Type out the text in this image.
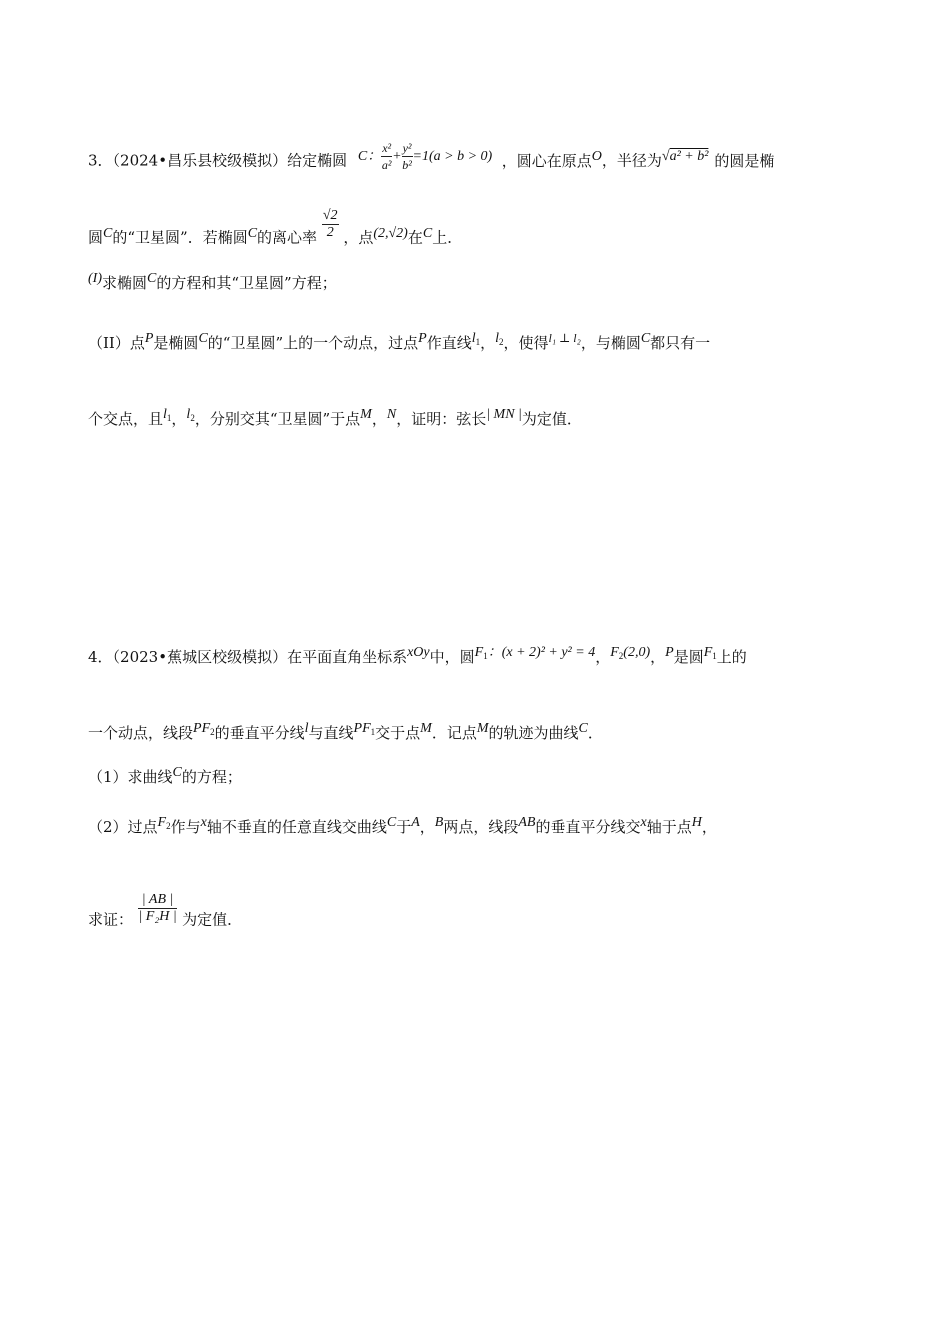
3．（2024•昌乐县校级模拟）给定椭圆 C： $\frac{\text{x²}}{\text{a²}} + \frac{\text{y²}}{\text{b²}} =1(a > b > 0)$ ，圆心在原点O，半径为√a² + b² 的圆是椭
圆C的“卫星圆”．若椭圆C的离心率 $\frac{√2}{2}$ ，点(2,√2)在C上．
(I)求椭圆C的方程和其“卫星圆”方程；
（II）点P是椭圆C的“卫星圆”上的一个动点，过点P作直线$l_1$，$l_2$，使得$^{l_1 \perp l_2}$，与椭圆C都只有一
个交点，且$l_1$，$l_2$，分别交其“卫星圆”于点M，N，证明：弦长| MN |为定值．
4．（2023•蕉城区校级模拟）在平面直角坐标系xOy中，圆$F_1$：(x + 2)² + y² = 4，$F_2(2,0)$，P是圆$F_1$上的
一个动点，线段$PF_2$的垂直平分线l与直线$PF_1$交于点M．记点M的轨迹为曲线C．
（1）求曲线C的方程；
（2）过点$F_2$作与x轴不垂直的任意直线交曲线C于A，B两点，线段AB的垂直平分线交x轴于点H，
求证： $\frac{| AB |}{\text{| F₂H |}}$ 为定值．
